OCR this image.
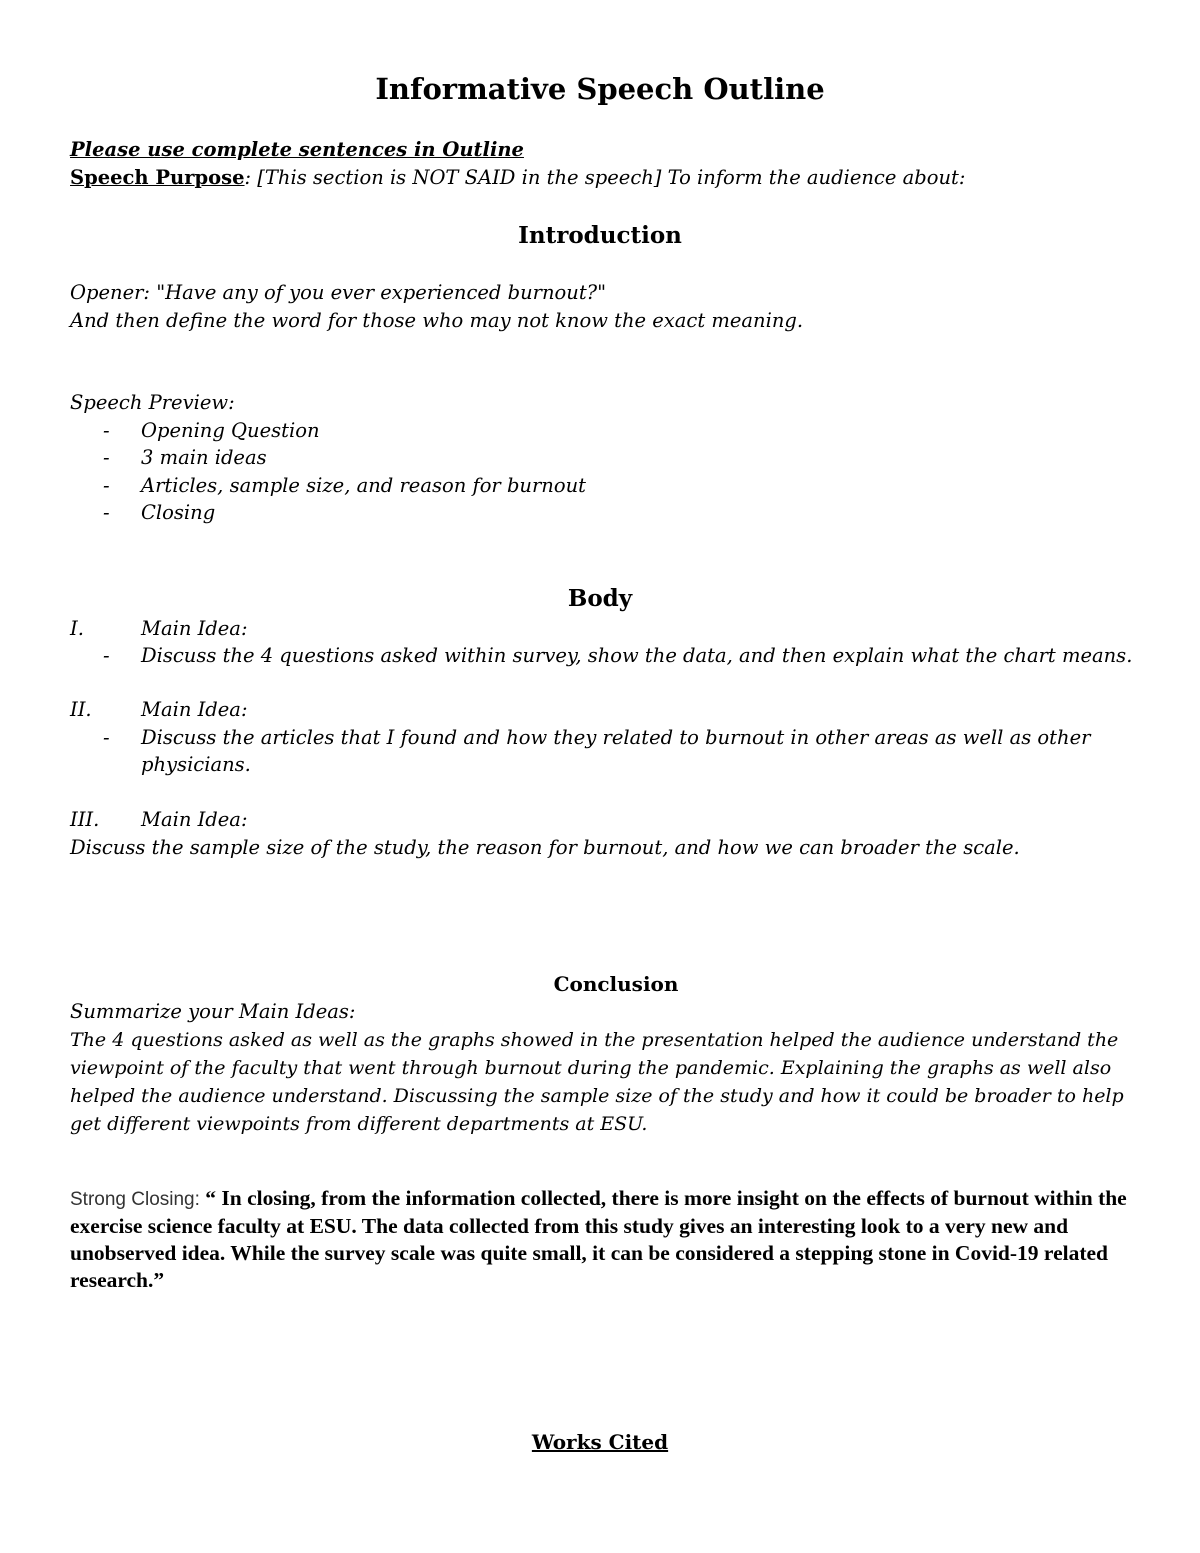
Informative Speech Outline
Please use complete sentences in Outline
Speech Purpose: [This section is NOT SAID in the speech] To inform the audience about:
Introduction
Opener: "Have any of you ever experienced burnout?"
And then define the word for those who may not know the exact meaning.
Speech Preview:
- Opening Question
- 3 main ideas
- Articles, sample size, and reason for burnout
- Closing
Body
I.	Main Idea:
- Discuss the 4 questions asked within survey, show the data, and then explain what the chart means.
II.	Main Idea:
- Discuss the articles that I found and how they related to burnout in other areas as well as other
physicians.
III. Main Idea:
Discuss the sample size of the study, the reason for burnout, and how we can broader the scale.
Conclusion
Summarize your Main Ideas:
The 4 questions asked as well as the graphs showed in the presentation helped the audience understand the viewpoint of the faculty that went through burnout during the pandemic. Explaining the graphs as well also helped the audience understand. Discussing the sample size of the study and how it could be broader to help get different viewpoints from different departments at ESU.
Strong Closing: “ In closing, from the information collected, there is more insight on the effects of burnout within the exercise science faculty at ESU. The data collected from this study gives an interesting look to a very new and unobserved idea. While the survey scale was quite small, it can be considered a stepping stone in Covid-19 related research.”
Works Cited
